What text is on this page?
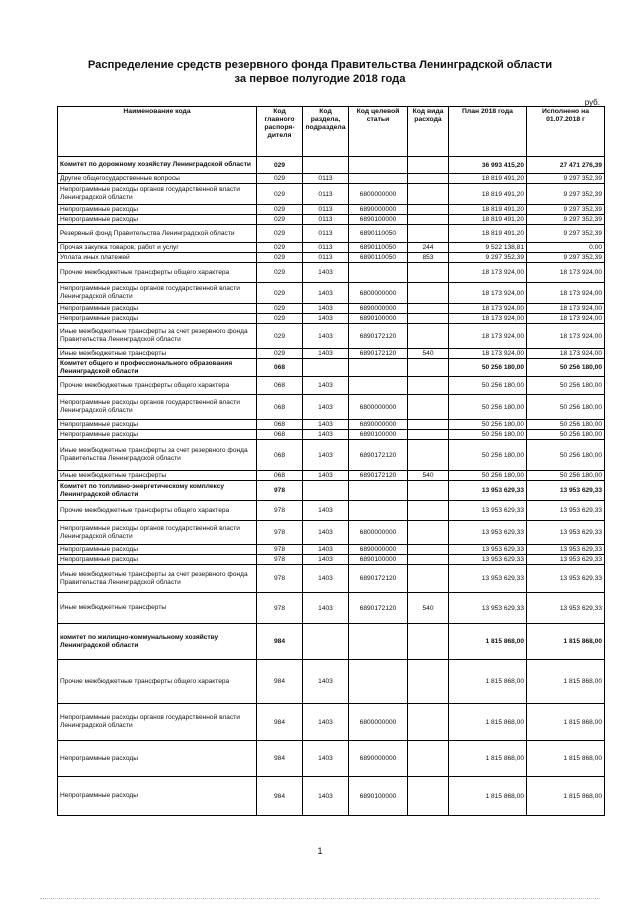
Распределение средств резервного фонда Правительства Ленинградской области
за первое полугодие 2018 года
руб.
Наименование кода	Код главного распоря-дителя	Код раздела, подраздела	Код целевой статьи	Код вида расхода	План 2018 года	Исполнено на 01.07.2018 г
Комитет по дорожному хозяйству Ленинградской области	029				36 993 415,20	27 471 276,39
Другие общегосударственные вопросы	029	0113			18 819 491,20	9 297 352,39
Непрограммные расходы органов государственной власти Ленинградской области	029	0113	6800000000		18 819 491,20	9 297 352,39
Непрограммные расходы	029	0113	6890000000		18 819 491,20	9 297 352,39
Непрограммные расходы	029	0113	6890100000		18 819 491,20	9 297 352,39
Резервный фонд Правительства Ленинградской области	029	0113	6890110050		18 819 491,20	9 297 352,39
Прочая закупка товаров, работ и услуг	029	0113	6890110050	244	9 522 138,81	0,00
Уплата иных платежей	029	0113	6890110050	853	9 297 352,39	9 297 352,39
Прочие межбюджетные трансферты общего характера	029	1403			18 173 924,00	18 173 924,00
Непрограммные расходы органов государственной власти Ленинградской области	029	1403	6800000000		18 173 924,00	18 173 924,00
Непрограммные расходы	029	1403	6890000000		18 173 924,00	18 173 924,00
Непрограммные расходы	029	1403	6890100000		18 173 924,00	18 173 924,00
Иные межбюджетные трансферты за счет резервного фонда Правительства Ленинградской области	029	1403	6890172120		18 173 924,00	18 173 924,00
Иные межбюджетные трансферты	029	1403	6890172120	540	18 173 924,00	18 173 924,00
Комитет общего и профессионального образования Ленинградской области	068				50 256 180,00	50 256 180,00
Прочие межбюджетные трансферты общего характера	068	1403			50 256 180,00	50 256 180,00
Непрограммные расходы органов государственной власти Ленинградской области	068	1403	6800000000		50 256 180,00	50 256 180,00
Непрограммные расходы	068	1403	6890000000		50 256 180,00	50 256 180,00
Непрограммные расходы	068	1403	6890100000		50 256 180,00	50 256 180,00
Иные межбюджетные трансферты за счет резервного фонда Правительства Ленинградской области	068	1403	6890172120		50 256 180,00	50 256 180,00
Иные межбюджетные трансферты	068	1403	6890172120	540	50 256 180,00	50 256 180,00
Комитет по топливно-энергетическому комплексу Ленинградской области	978				13 953 629,33	13 953 629,33
Прочие межбюджетные трансферты общего характера	978	1403			13 953 629,33	13 953 629,33
Непрограммные расходы органов государственной власти Ленинградской области	978	1403	6800000000		13 953 629,33	13 953 629,33
Непрограммные расходы	978	1403	6890000000		13 953 629,33	13 953 629,33
Непрограммные расходы	978	1403	6890100000		13 953 629,33	13 953 629,33
Иные межбюджетные трансферты за счет резервного фонда Правительства Ленинградской области	978	1403	6890172120		13 953 629,33	13 953 629,33
Иные межбюджетные трансферты	978	1403	6890172120	540	13 953 629,33	13 953 629,33
комитет по жилищно-коммунальному хозяйству Ленинградской области	984				1 815 868,00	1 815 868,00
Прочие межбюджетные трансферты общего характера	984	1403			1 815 868,00	1 815 868,00
Непрограммные расходы органов государственной власти Ленинградской области	984	1403	6800000000		1 815 868,00	1 815 868,00
Непрограммные расходы	984	1403	6890000000		1 815 868,00	1 815 868,00
Непрограммные расходы	984	1403	6890100000		1 815 868,00	1 815 868,00
1
